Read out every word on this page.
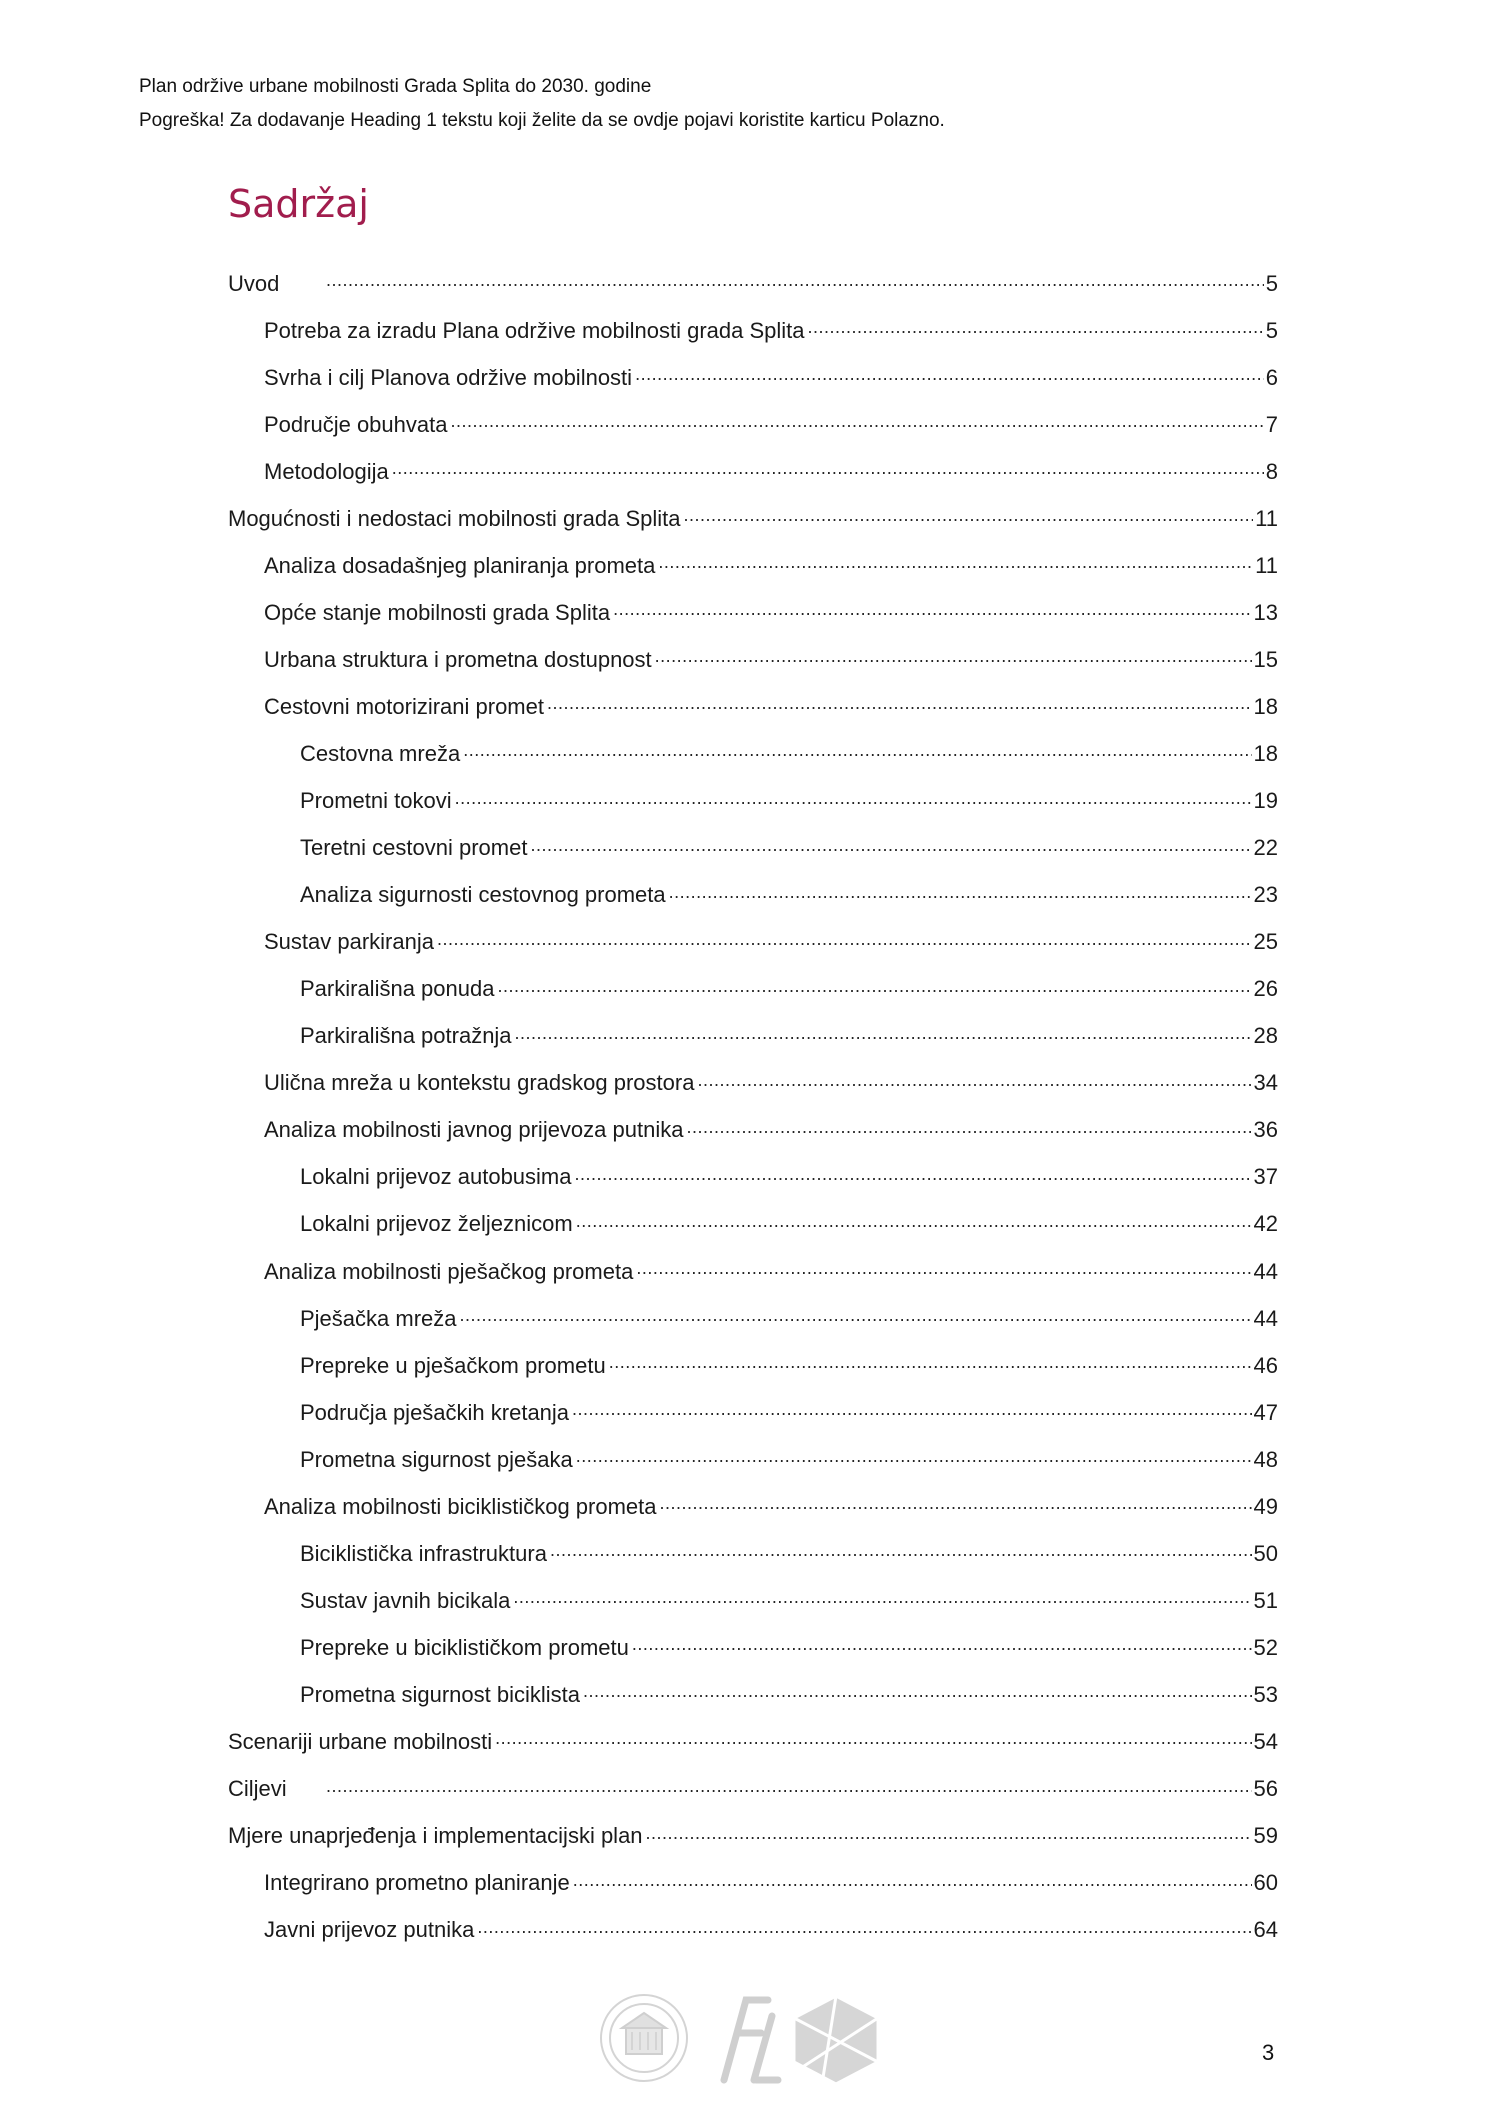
Plan održive urbane mobilnosti Grada Splita do 2030. godine
Pogreška! Za dodavanje Heading 1 tekstu koji želite da se ovdje pojavi koristite karticu Polazno.
Sadržaj
Uvod .....	5
Potreba za izradu Plana održive mobilnosti grada Splita .....	5
Svrha i cilj Planova održive mobilnosti .....	6
Područje obuhvata .....	7
Metodologija .....	8
Mogućnosti i nedostaci mobilnosti grada Splita .....	11
Analiza dosadašnjeg planiranja prometa .....	11
Opće stanje mobilnosti grada Splita .....	13
Urbana struktura i prometna dostupnost .....	15
Cestovni motorizirani promet .....	18
Cestovna mreža .....	18
Prometni tokovi .....	19
Teretni cestovni promet .....	22
Analiza sigurnosti cestovnog prometa .....	23
Sustav parkiranja .....	25
Parkirališna ponuda .....	26
Parkirališna potražnja .....	28
Ulična mreža u kontekstu gradskog prostora .....	34
Analiza mobilnosti javnog prijevoza putnika .....	36
Lokalni prijevoz autobusima .....	37
Lokalni prijevoz željeznicom .....	42
Analiza mobilnosti pješačkog prometa .....	44
Pješačka mreža .....	44
Prepreke u pješačkom prometu .....	46
Područja pješačkih kretanja .....	47
Prometna sigurnost pješaka .....	48
Analiza mobilnosti biciklističkog prometa .....	49
Biciklistička infrastruktura .....	50
Sustav javnih bicikala .....	51
Prepreke u biciklističkom prometu .....	52
Prometna sigurnost biciklista .....	53
Scenariji urbane mobilnosti .....	54
Ciljevi .....	56
Mjere unaprjeđenja i implementacijski plan .....	59
Integrirano prometno planiranje .....	60
Javni prijevoz putnika .....	64
3
